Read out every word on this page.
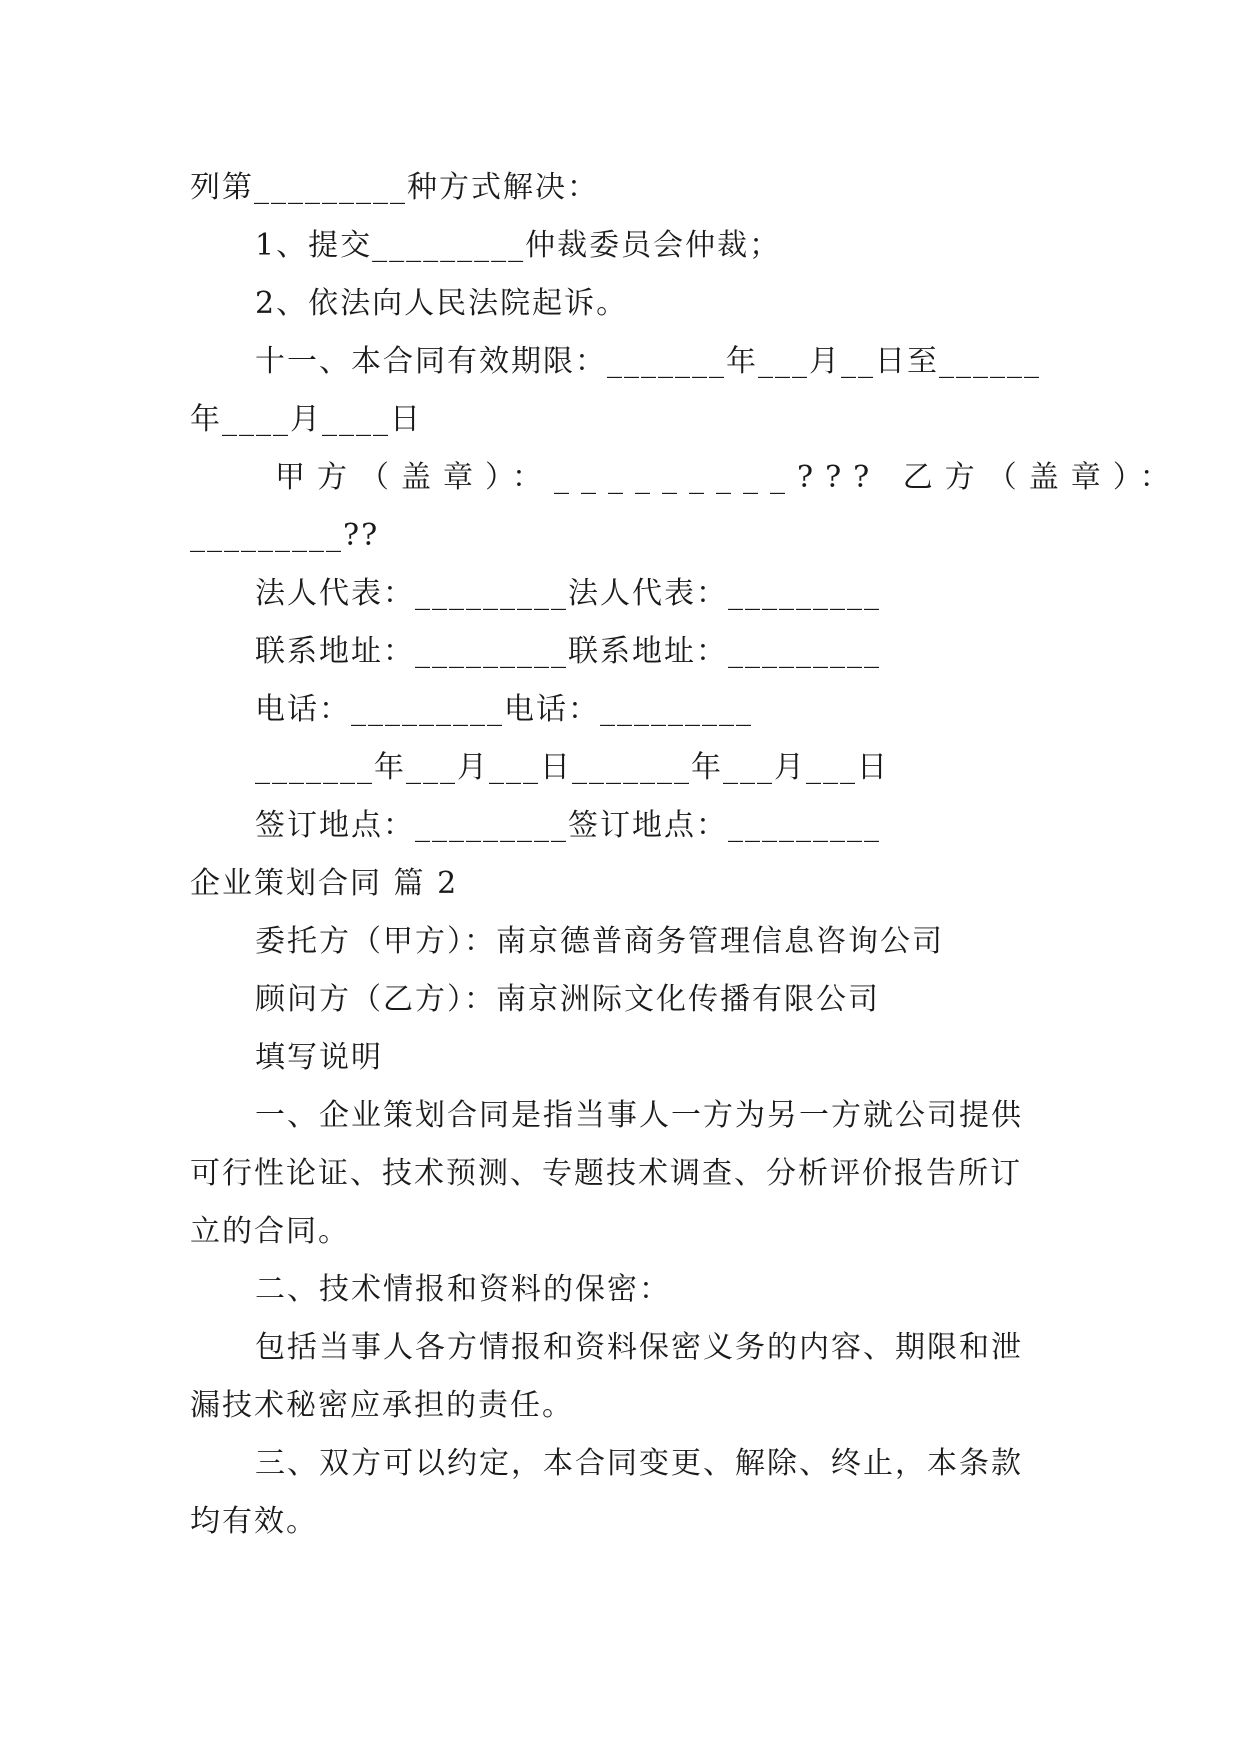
列第_________种方式解决：
1、提交_________仲裁委员会仲裁；
2、依法向人民法院起诉。
十一、本合同有效期限：_______年___月__日至______
年____月____日
甲方（盖章）：_________??? 乙方（盖章）：
_________??
法人代表：_________法人代表：_________
联系地址：_________联系地址：_________
电话：_________电话：_________
_______年___月___日_______年___月___日
签订地点：_________签订地点：_________
企业策划合同 篇 2
委托方（甲方）：南京德普商务管理信息咨询公司
顾问方（乙方）：南京洲际文化传播有限公司
填写说明
一、企业策划合同是指当事人一方为另一方就公司提供
可行性论证、技术预测、专题技术调查、分析评价报告所订
立的合同。
二、技术情报和资料的保密：
包括当事人各方情报和资料保密义务的内容、期限和泄
漏技术秘密应承担的责任。
三、双方可以约定，本合同变更、解除、终止，本条款
均有效。
